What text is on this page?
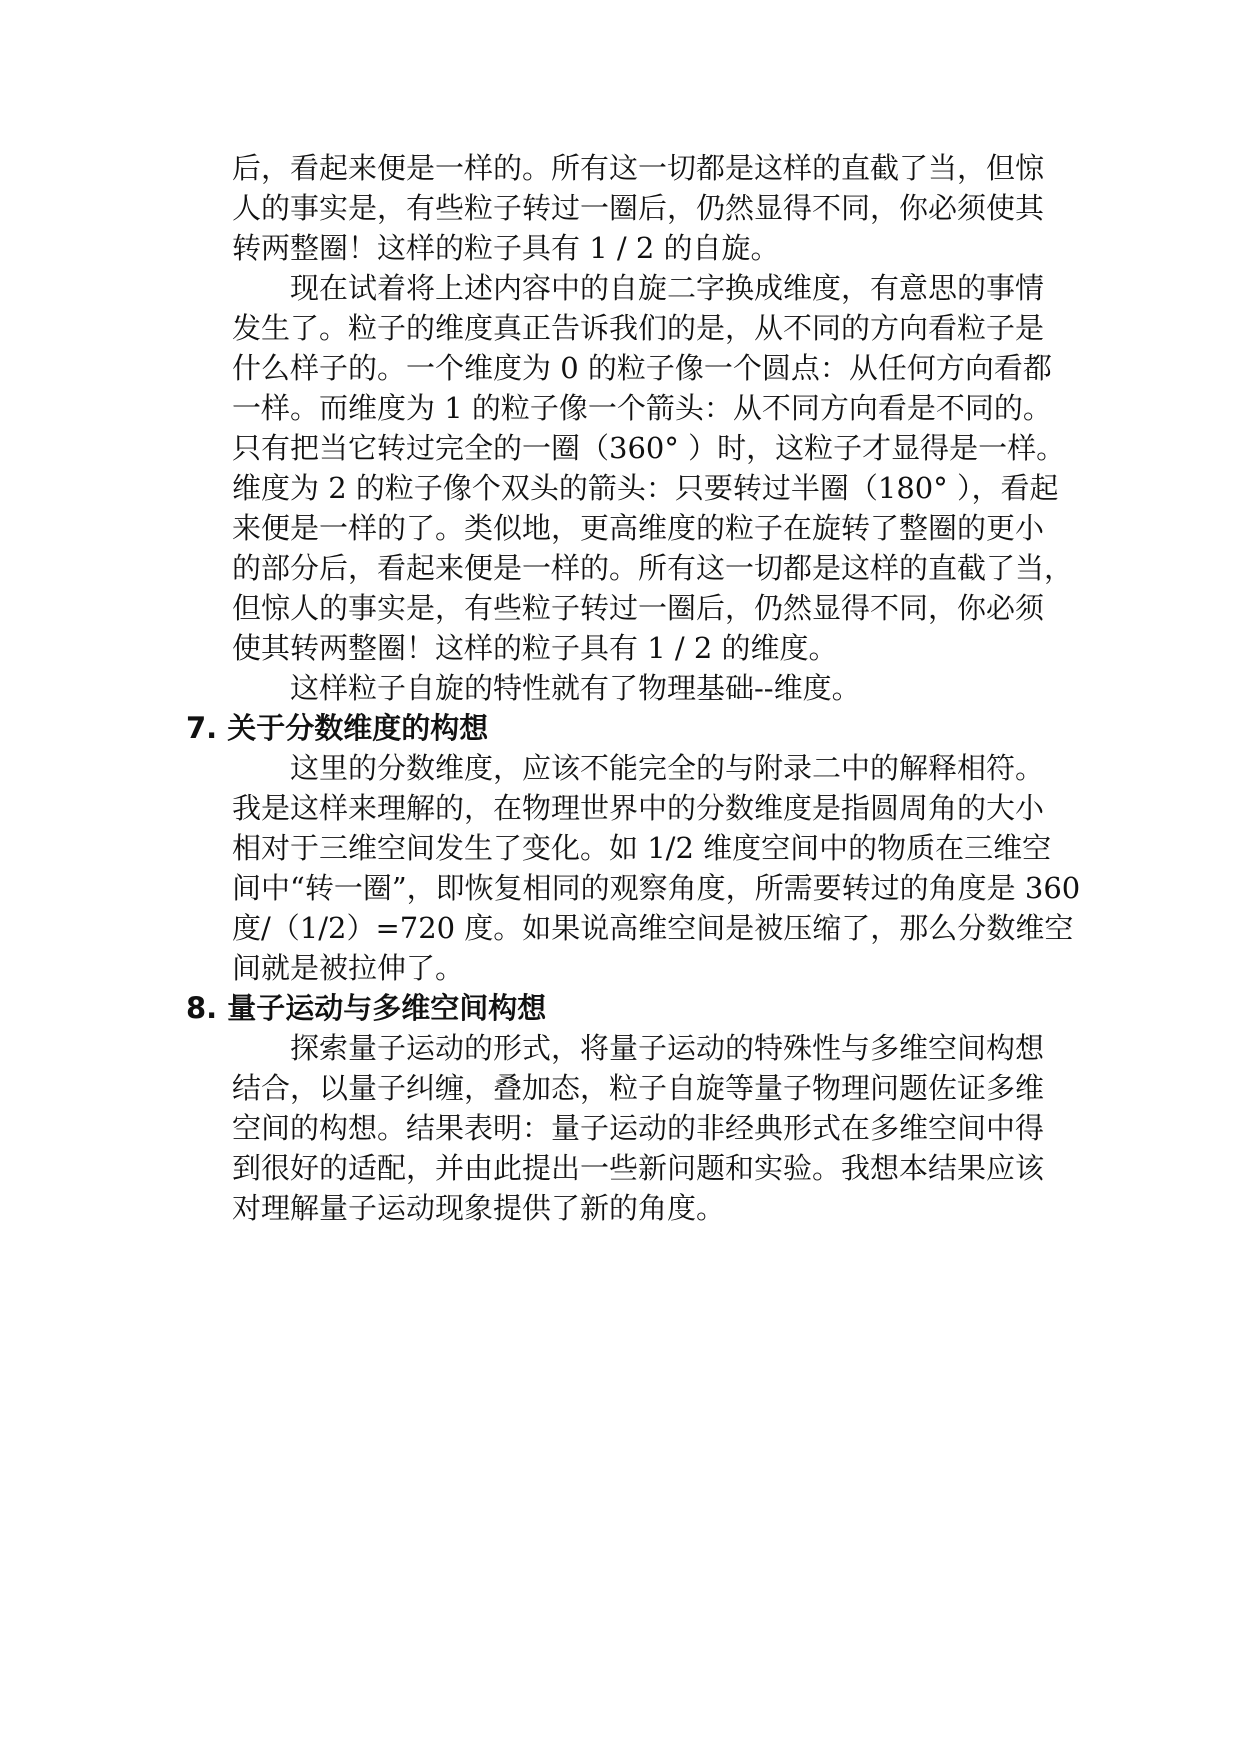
后，看起来便是一样的。所有这一切都是这样的直截了当，但惊
人的事实是，有些粒子转过一圈后，仍然显得不同，你必须使其
转两整圈！这样的粒子具有 1 / 2 的自旋。
现在试着将上述内容中的自旋二字换成维度，有意思的事情
发生了。粒子的维度真正告诉我们的是，从不同的方向看粒子是
什么样子的。一个维度为 0 的粒子像一个圆点：从任何方向看都
一样。而维度为 1 的粒子像一个箭头：从不同方向看是不同的。
只有把当它转过完全的一圈（360° ）时，这粒子才显得是一样。
维度为 2 的粒子像个双头的箭头：只要转过半圈（180° ），看起
来便是一样的了。类似地，更高维度的粒子在旋转了整圈的更小
的部分后，看起来便是一样的。所有这一切都是这样的直截了当，
但惊人的事实是，有些粒子转过一圈后，仍然显得不同，你必须
使其转两整圈！这样的粒子具有 1 / 2 的维度。
这样粒子自旋的特性就有了物理基础--维度。
7. 关于分数维度的构想
这里的分数维度，应该不能完全的与附录二中的解释相符。
我是这样来理解的，在物理世界中的分数维度是指圆周角的大小
相对于三维空间发生了变化。如 1/2 维度空间中的物质在三维空
间中“转一圈”，即恢复相同的观察角度，所需要转过的角度是 360
度/（1/2）=720 度。如果说高维空间是被压缩了，那么分数维空
间就是被拉伸了。
8. 量子运动与多维空间构想
探索量子运动的形式，将量子运动的特殊性与多维空间构想
结合，以量子纠缠，叠加态，粒子自旋等量子物理问题佐证多维
空间的构想。结果表明：量子运动的非经典形式在多维空间中得
到很好的适配，并由此提出一些新问题和实验。我想本结果应该
对理解量子运动现象提供了新的角度。
